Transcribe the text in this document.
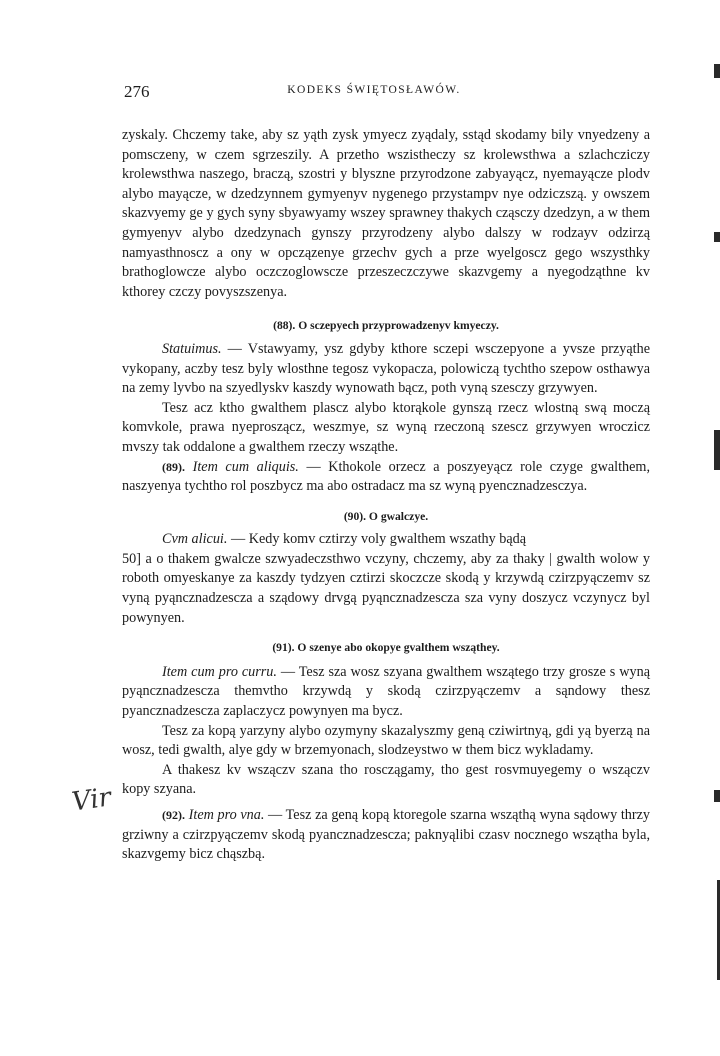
276	KODEKS ŚWIĘTOSŁAWÓW.
Vir

zyskaly. Chczemy take, aby sz yąth zysk ymyecz zyądaly, sstąd skodamy bily vnyedzeny a pomsczeny, w czem sgrzeszily. A przetho wszistheczy sz krolewsthwa a szlachcziczy krolewsthwa naszego, braczą, szostri y blyszne przyrodzone zabyayącz, nyemayącze plodv alybo mayącze, w dzedzynnem gymyenyv nygenego przystampv nye odziczszą. y owszem skazvyemy ge y gych syny sbyawyamy wszey sprawney thakych cząsczy dzedzyn, a w them gymyenyv alybo dzedzynach gynszy przyrodzeny alybo dalszy w rodzayv odzirzą namyasthnoscz a ony w opczązenye grzechv gych a prze wyelgoscz gego wszysthky brathoglowcze alybo oczczoglowscze przeszeczczywe skazvgemy a nyegodząthne kv kthorey czczy povyszszenya.

(88). O sczepyech przyprowadzenyv kmyeczy.

Statuimus. — Vstawyamy, ysz gdyby kthore sczepi wsczepyone a yvsze przyąthe vykopany, aczby tesz byly wlosthne tegosz vykopacza, polowiczą tychtho szepow osthawya na zemy lyvbo na szyedlyskv kaszdy wynowath bącz, poth vyną szesczy grzywyen.

Tesz acz ktho gwalthem plascz alybo ktorąkole gynszą rzecz wlostną swą moczą komvkole, prawa nyeproszącz, weszmye, sz wyną rzeczoną szescz grzywyen wroczicz mvszy tak oddalone a gwalthem rzeczy wsząthe.

(89). Item cum aliquis. — Kthokole orzecz a poszyeyącz role czyge gwalthem, naszyenya tychtho rol poszbycz ma abo ostradacz ma sz wyną pyencznadzesczya.

(90). O gwalczye.

Cvm alicui. — Kedy komv cztirzy voly gwalthem wszathy bądą
50] a o thakem gwalcze szwyadeczsthwo vczyny, chczemy, aby za thaky | gwalth wolow y roboth omyeskanye za kaszdy tydzyen cztirzi skoczcze skodą y krzywdą czirzpyączemv sz vyną pyąncznadzesczа a sządowy drvgą pyąncznadzesczа sza vyny doszycz vczynycz byl powynyen.

(91). O szenye abo okopye gvalthem wsząthey.

Item cum pro curru. — Tesz sza wosz szyana gwalthem wszątego trzy grosze s wyną pyąncznadzesczа themvtho krzywdą y skodą czirzpyączemv a sąndowy thesz pyancznadzesczа zaplaczycz powynyen ma bycz.

Tesz za kopą yarzyny alybo ozymyny skazalyszmy geną cziwirtnyą, gdi yą byerzą na wosz, tedi gwalth, alye gdy w brzemyonach, slodzeystwo w them bicz wykladamy.

A thakesz kv wszączv szana tho rosczągamy, tho gest rosvmuyegemy o wszączv kopy szyana.

(92). Item pro vna. — Tesz za geną kopą ktoregole szarna wsząthą wyna sądowy thrzy grziwny a czirzpyączemv skodą pyancznadzesczа; paknyąlibi czasv nocznego wsząthа byla, skazvgemy bicz chąszbą.
